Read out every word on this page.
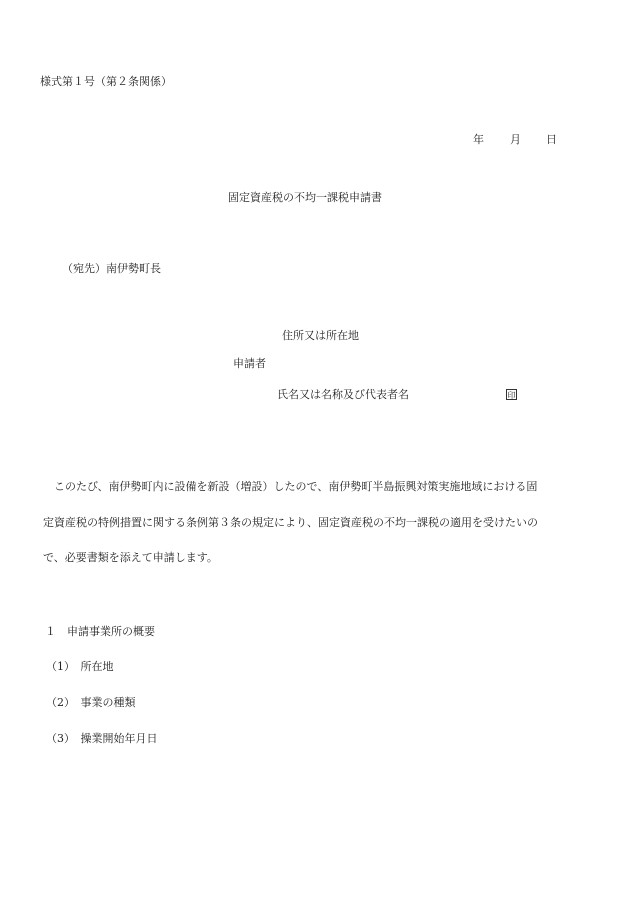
様式第１号（第２条関係）
年 月 日
固定資産税の不均一課税申請書
（宛先）南伊勢町長
住所又は所在地
申請者
氏名又は名称及び代表者名	印
このたび、南伊勢町内に設備を新設（増設）したので、南伊勢町半島振興対策実施地域における固
定資産税の特例措置に関する条例第３条の規定により、固定資産税の不均一課税の適用を受けたいの
で、必要書類を添えて申請します。
１　申請事業所の概要
（1）　所在地
（2）　事業の種類
（3）　操業開始年月日
